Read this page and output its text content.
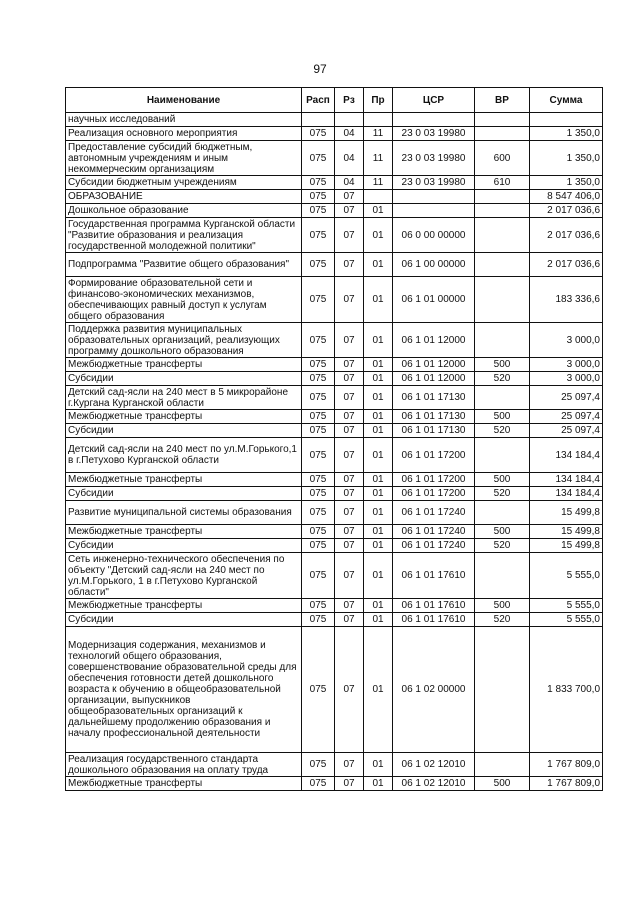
97
Наименование	Расп	Рз	Пр	ЦСР	ВР	Сумма
научных исследований						
Реализация основного мероприятия	075	04	11	23 0 03 19980		1 350,0
Предоставление субсидий бюджетным, автономным учреждениям и иным некоммерческим организациям	075	04	11	23 0 03 19980	600	1 350,0
Субсидии бюджетным учреждениям	075	04	11	23 0 03 19980	610	1 350,0
ОБРАЗОВАНИЕ	075	07				8 547 406,0
Дошкольное образование	075	07	01			2 017 036,6
Государственная программа Курганской области "Развитие образования и реализация государственной молодежной политики"	075	07	01	06 0 00 00000		2 017 036,6
Подпрограмма "Развитие общего образования"	075	07	01	06 1 00 00000		2 017 036,6
Формирование образовательной сети и финансово-экономических механизмов, обеспечивающих равный доступ к услугам общего образования	075	07	01	06 1 01 00000		183 336,6
Поддержка развития муниципальных образовательных организаций, реализующих программу дошкольного образования	075	07	01	06 1 01 12000		3 000,0
Межбюджетные трансферты	075	07	01	06 1 01 12000	500	3 000,0
Субсидии	075	07	01	06 1 01 12000	520	3 000,0
Детский сад-ясли на 240 мест в 5 микрорайоне г.Кургана Курганской области	075	07	01	06 1 01 17130		25 097,4
Межбюджетные трансферты	075	07	01	06 1 01 17130	500	25 097,4
Субсидии	075	07	01	06 1 01 17130	520	25 097,4
Детский сад-ясли на 240 мест по ул.М.Горького,1 в г.Петухово Курганской области	075	07	01	06 1 01 17200		134 184,4
Межбюджетные трансферты	075	07	01	06 1 01 17200	500	134 184,4
Субсидии	075	07	01	06 1 01 17200	520	134 184,4
Развитие муниципальной системы образования	075	07	01	06 1 01 17240		15 499,8
Межбюджетные трансферты	075	07	01	06 1 01 17240	500	15 499,8
Субсидии	075	07	01	06 1 01 17240	520	15 499,8
Сеть инженерно-технического обеспечения по объекту "Детский сад-ясли на 240 мест по ул.М.Горького, 1 в г.Петухово Курганской области"	075	07	01	06 1 01 17610		5 555,0
Межбюджетные трансферты	075	07	01	06 1 01 17610	500	5 555,0
Субсидии	075	07	01	06 1 01 17610	520	5 555,0
Модернизация содержания, механизмов и технологий общего образования, совершенствование образовательной среды для обеспечения готовности детей дошкольного возраста к обучению в общеобразовательной организации, выпускников общеобразовательных организаций к дальнейшему продолжению образования и началу профессиональной деятельности	075	07	01	06 1 02 00000		1 833 700,0
Реализация государственного стандарта дошкольного образования на оплату труда	075	07	01	06 1 02 12010		1 767 809,0
Межбюджетные трансферты	075	07	01	06 1 02 12010	500	1 767 809,0
